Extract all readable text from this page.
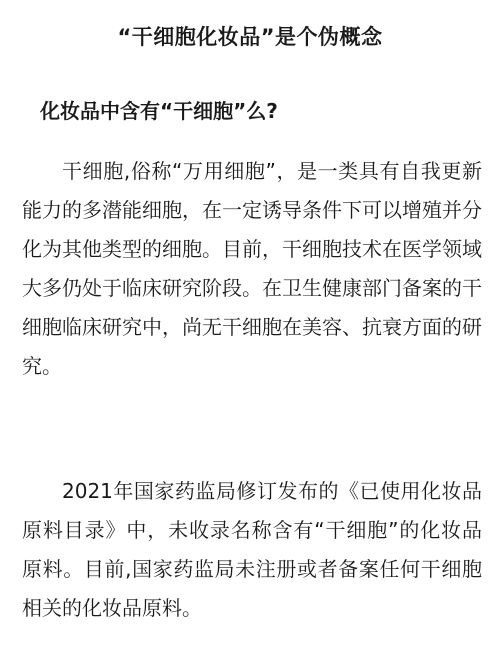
“干细胞化妆品”是个伪概念
化妆品中含有“干细胞”么?

干细胞,俗称“万用细胞”，是一类具有自我更新能力的多潜能细胞，在一定诱导条件下可以增殖并分化为其他类型的细胞。目前，干细胞技术在医学领域大多仍处于临床研究阶段。在卫生健康部门备案的干细胞临床研究中，尚无干细胞在美容、抗衰方面的研究。

2021年国家药监局修订发布的《已使用化妆品原料目录》中，未收录名称含有“干细胞”的化妆品原料。目前,国家药监局未注册或者备案任何干细胞相关的化妆品原料。
